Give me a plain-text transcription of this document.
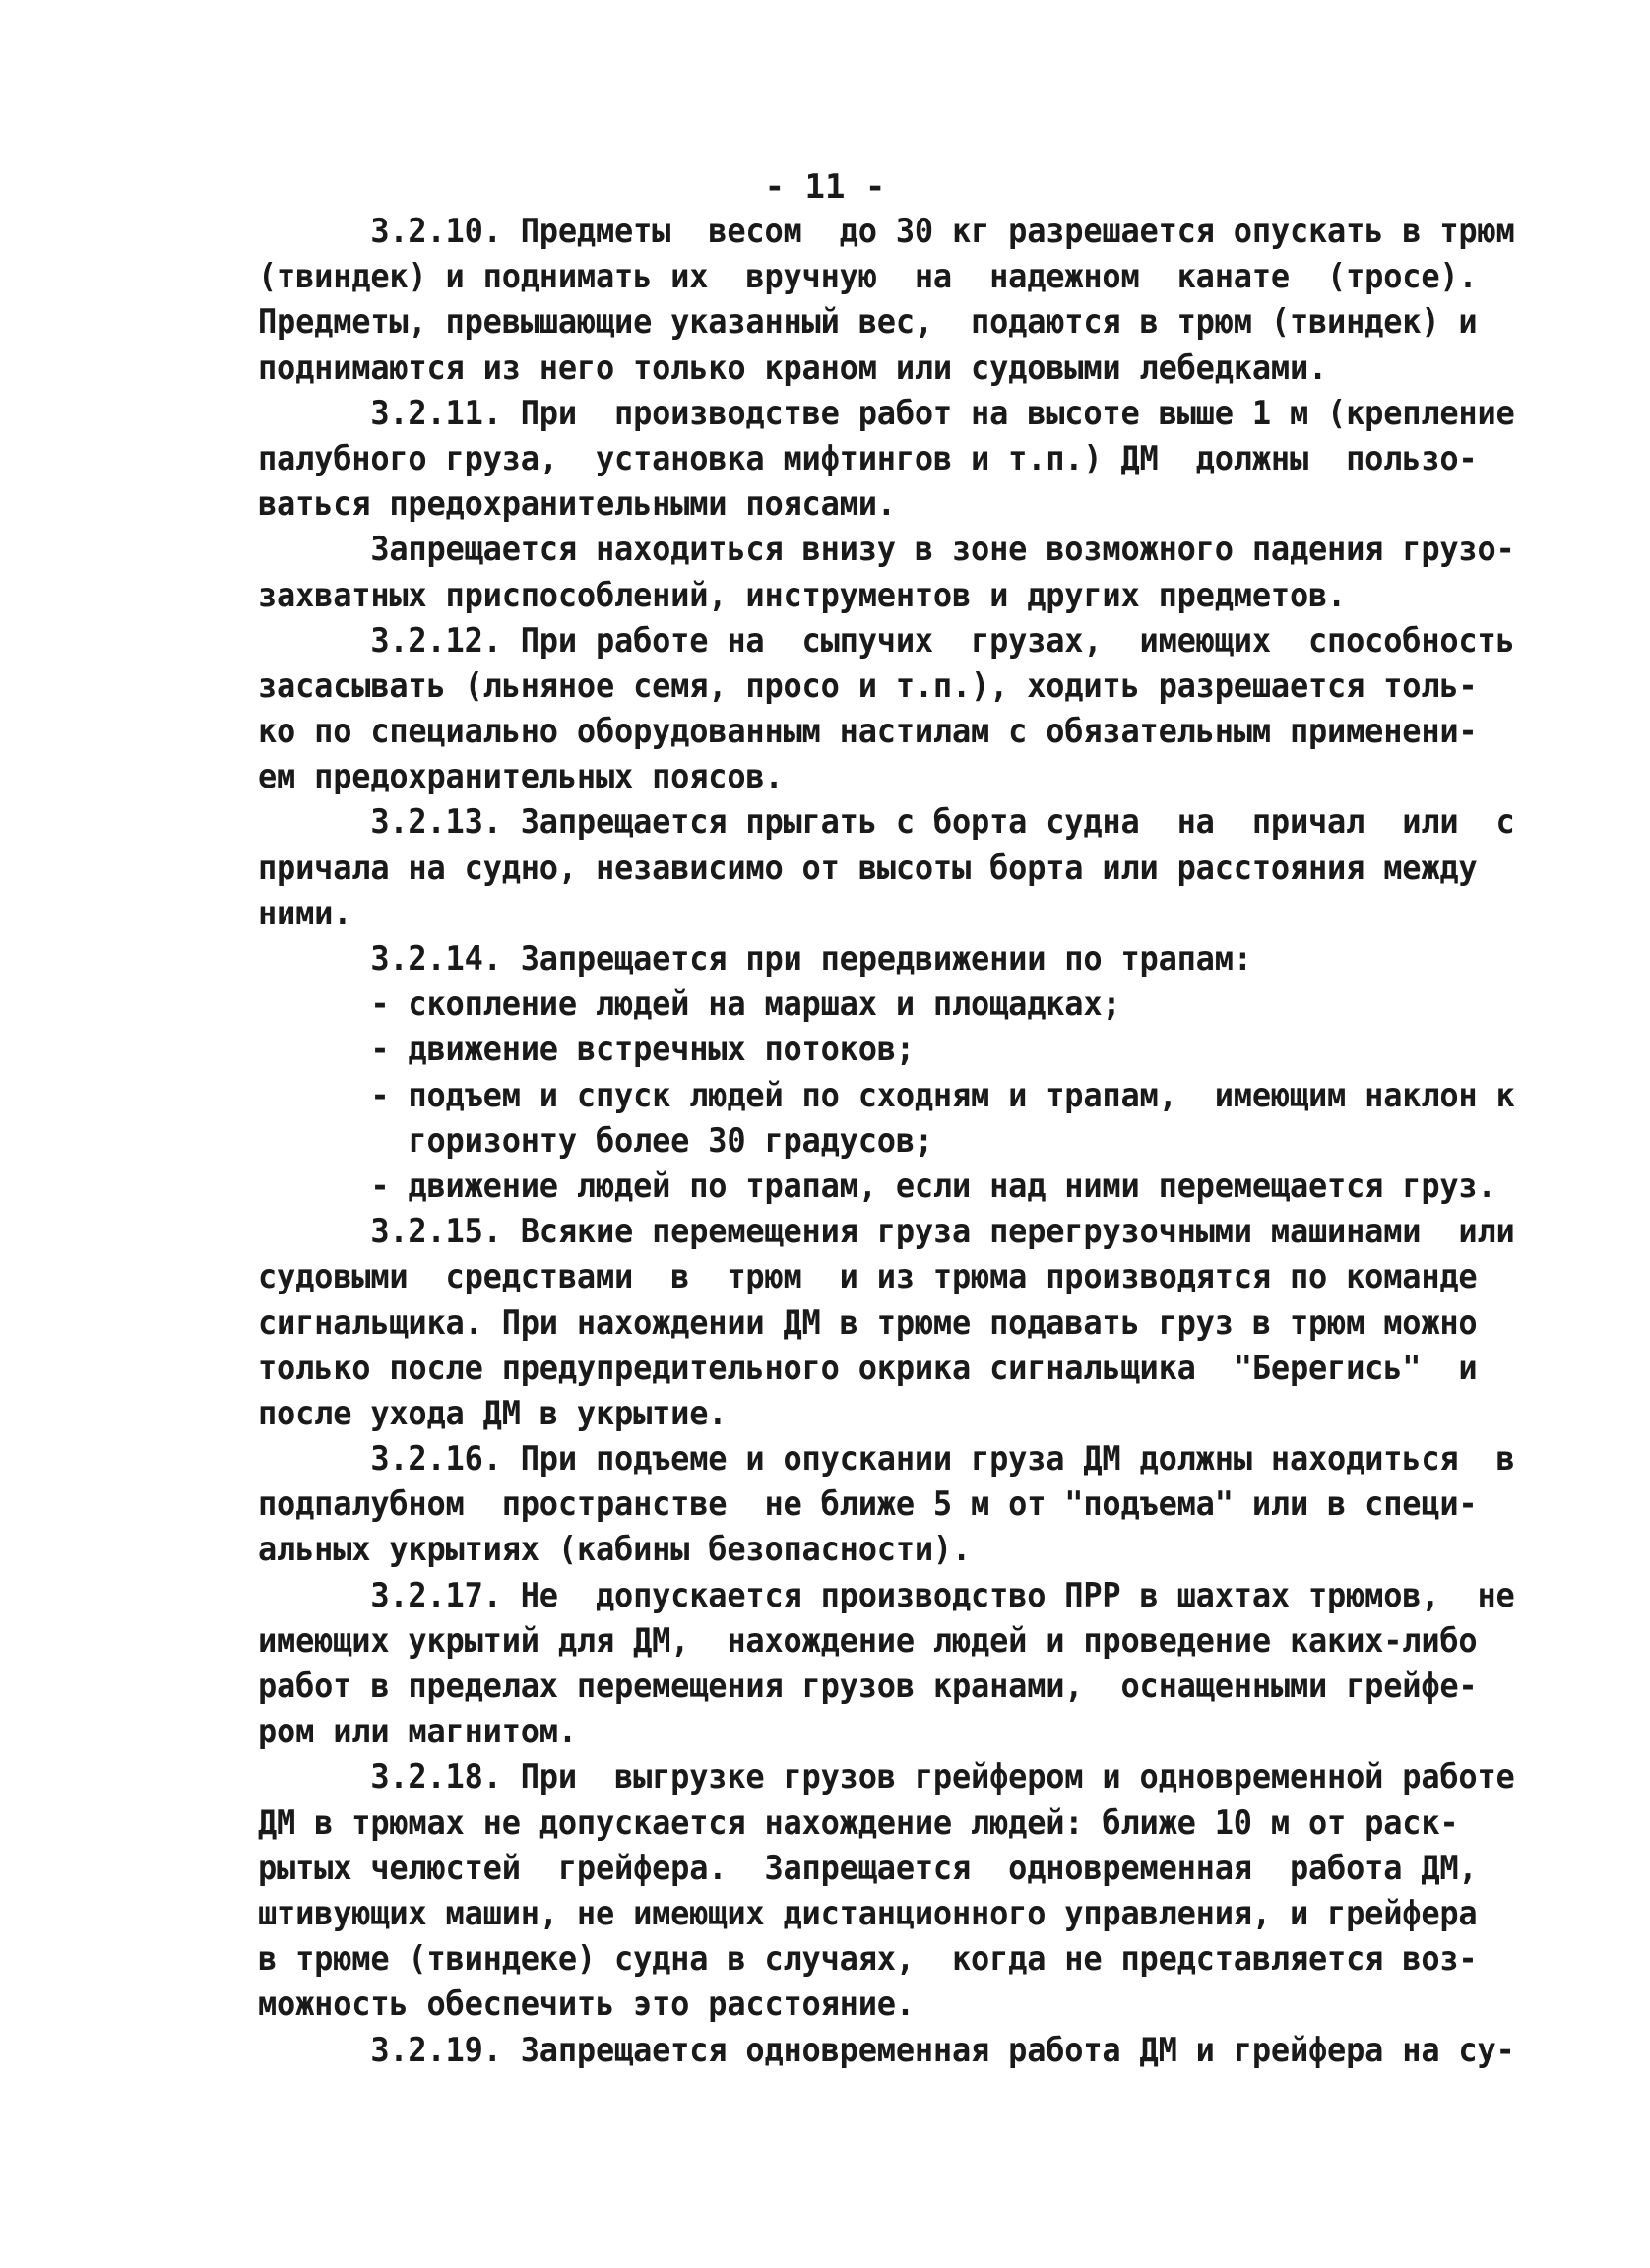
- 11 -
3.2.10. Предметы  весом  до 30 кг разрешается опускать в трюм
(твиндек) и поднимать их  вручную  на  надежном  канате  (тросе).
Предметы, превышающие указанный вес,  подаются в трюм (твиндек) и
поднимаются из него только краном или судовыми лебедками.
3.2.11. При  производстве работ на высоте выше 1 м (крепление
палубного груза,  установка мифтингов и т.п.) ДМ  должны  пользо-
ваться предохранительными поясами.
Запрещается находиться внизу в зоне возможного падения грузо-
захватных приспособлений, инструментов и других предметов.
3.2.12. При работе на  сыпучих  грузах,  имеющих  способность
засасывать (льняное семя, просо и т.п.), ходить разрешается толь-
ко по специально оборудованным настилам с обязательным применени-
ем предохранительных поясов.
3.2.13. Запрещается прыгать с борта судна  на  причал  или  с
причала на судно, независимо от высоты борта или расстояния между
ними.
3.2.14. Запрещается при передвижении по трапам:
- скопление людей на маршах и площадках;
- движение встречных потоков;
- подъем и спуск людей по сходням и трапам,  имеющим наклон к
горизонту более 30 градусов;
- движение людей по трапам, если над ними перемещается груз.
3.2.15. Всякие перемещения груза перегрузочными машинами  или
судовыми  средствами  в  трюм  и из трюма производятся по команде
сигнальщика. При нахождении ДМ в трюме подавать груз в трюм можно
только после предупредительного окрика сигнальщика  "Берегись"  и
после ухода ДМ в укрытие.
3.2.16. При подъеме и опускании груза ДМ должны находиться  в
подпалубном  пространстве  не ближе 5 м от "подъема" или в специ-
альных укрытиях (кабины безопасности).
3.2.17. Не  допускается производство ПРР в шахтах трюмов,  не
имеющих укрытий для ДМ,  нахождение людей и проведение каких-либо
работ в пределах перемещения грузов кранами,  оснащенными грейфе-
ром или магнитом.
3.2.18. При  выгрузке грузов грейфером и одновременной работе
ДМ в трюмах не допускается нахождение людей: ближе 10 м от раск-
рытых челюстей  грейфера.  Запрещается  одновременная  работа ДМ,
штивующих машин, не имеющих дистанционного управления, и грейфера
в трюме (твиндеке) судна в случаях,  когда не представляется воз-
можность обеспечить это расстояние.
3.2.19. Запрещается одновременная работа ДМ и грейфера на су-
